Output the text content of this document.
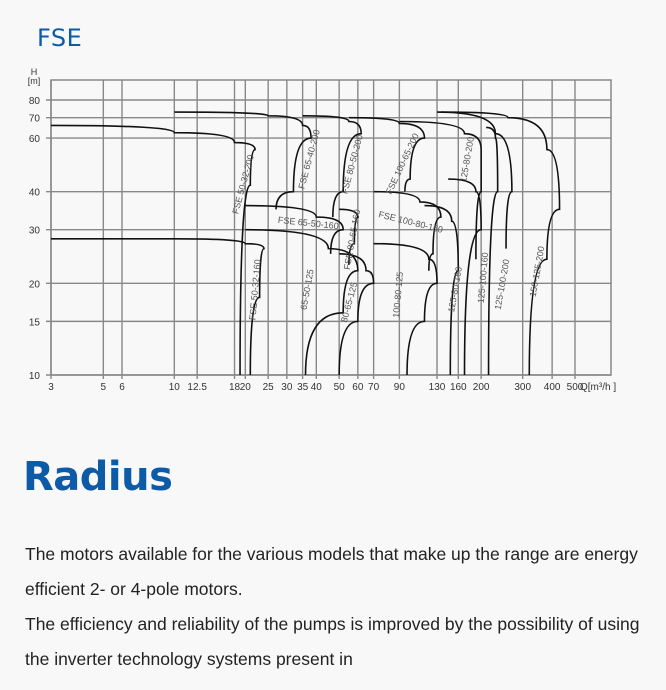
FSE
FSE 50-32-200	FSE 65-40-200 FSE 80-50-200 FSE 100-65-200	125-80-200
FSE 65-50-160 FSE 80-65-160 FSE 100-80-160
FSE 50-32-160	65-50-125	80-65-125	100-80-125	125-80-160 125-100-160 125-100-200 150-125-200
3	5 6	10 12.5 18 20 25 30 35 40 50 60 70 90 130 160 200 300 400 500
10
15
20
30
40
60
70
80
H
[m]
Q[m³/h ]
Radius

The motors available for the various models that make up the range are energy efficient 2- or 4-pole motors.

The efficiency and reliability of the pumps is improved by the possibility of using the inverter technology systems present in
